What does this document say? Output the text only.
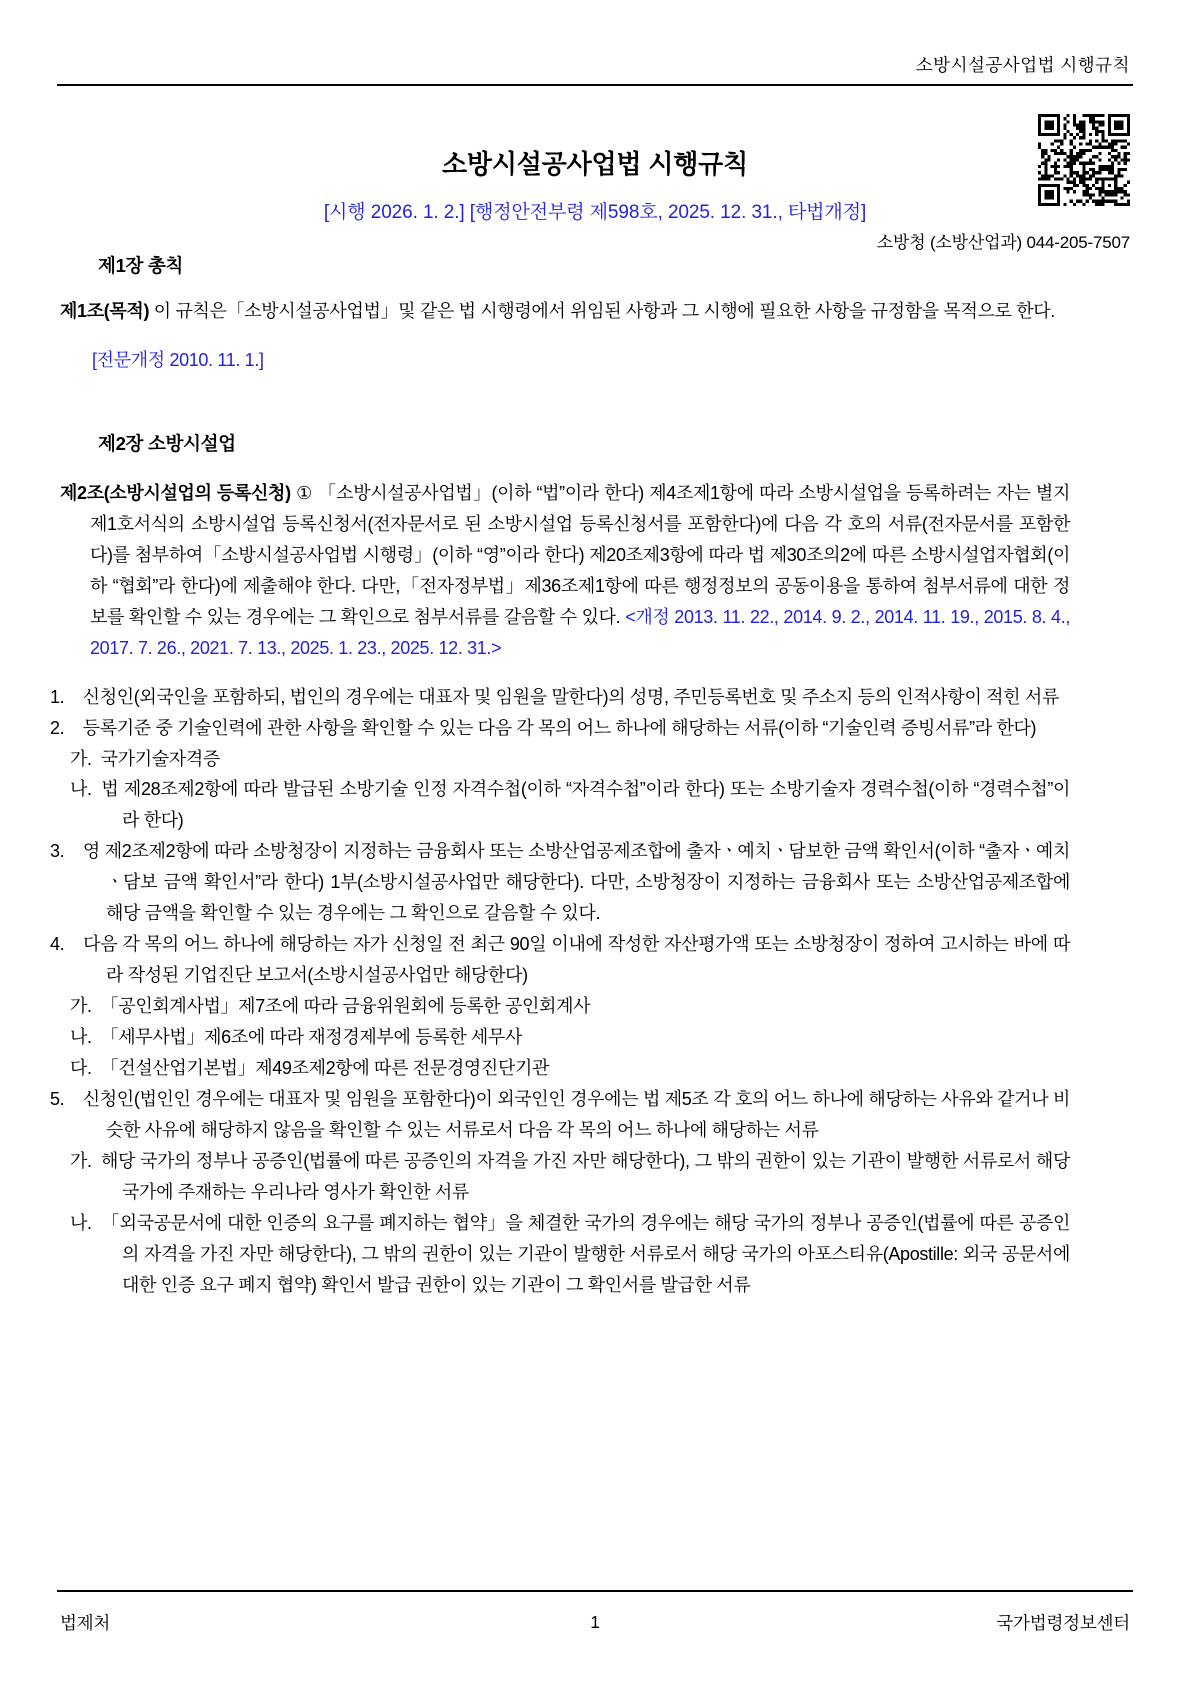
소방시설공사업법 시행규칙
소방시설공사업법 시행규칙
[시행 2026. 1. 2.] [행정안전부령 제598호, 2025. 12. 31., 타법개정]
소방청 (소방산업과) 044-205-7507
제1장 총칙

제1조(목적) 이 규칙은「소방시설공사업법」및 같은 법 시행령에서 위임된 사항과 그 시행에 필요한 사항을 규정함을 목적으로 한다.

[전문개정 2010. 11. 1.]
제2장 소방시설업

제2조(소방시설업의 등록신청) ① 「소방시설공사업법」(이하 “법”이라 한다) 제4조제1항에 따라 소방시설업을 등록하려는 자는 별지 제1호서식의 소방시설업 등록신청서(전자문서로 된 소방시설업 등록신청서를 포함한다)에 다음 각 호의 서류(전자문서를 포함한다)를 첨부하여「소방시설공사업법 시행령」(이하 “영”이라 한다) 제20조제3항에 따라 법 제30조의2에 따른 소방시설업자협회(이하 “협회”라 한다)에 제출해야 한다. 다만,「전자정부법」제36조제1항에 따른 행정정보의 공동이용을 통하여 첨부서류에 대한 정보를 확인할 수 있는 경우에는 그 확인으로 첨부서류를 갈음할 수 있다. <개정 2013. 11. 22., 2014. 9. 2., 2014. 11. 19., 2015. 8. 4., 2017. 7. 26., 2021. 7. 13., 2025. 1. 23., 2025. 12. 31.>

1. 신청인(외국인을 포함하되, 법인의 경우에는 대표자 및 임원을 말한다)의 성명, 주민등록번호 및 주소지 등의 인적사항이 적힌 서류
2. 등록기준 중 기술인력에 관한 사항을 확인할 수 있는 다음 각 목의 어느 하나에 해당하는 서류(이하 “기술인력 증빙서류”라 한다)
가. 국가기술자격증
나. 법 제28조제2항에 따라 발급된 소방기술 인정 자격수첩(이하 “자격수첩”이라 한다) 또는 소방기술자 경력수첩(이하 “경력수첩”이라 한다)
3. 영 제2조제2항에 따라 소방청장이 지정하는 금융회사 또는 소방산업공제조합에 출자ㆍ예치ㆍ담보한 금액 확인서(이하 “출자ㆍ예치ㆍ담보 금액 확인서”라 한다) 1부(소방시설공사업만 해당한다). 다만, 소방청장이 지정하는 금융회사 또는 소방산업공제조합에 해당 금액을 확인할 수 있는 경우에는 그 확인으로 갈음할 수 있다.
4. 다음 각 목의 어느 하나에 해당하는 자가 신청일 전 최근 90일 이내에 작성한 자산평가액 또는 소방청장이 정하여 고시하는 바에 따라 작성된 기업진단 보고서(소방시설공사업만 해당한다)
가. 「공인회계사법」제7조에 따라 금융위원회에 등록한 공인회계사
나. 「세무사법」제6조에 따라 재정경제부에 등록한 세무사
다. 「건설산업기본법」제49조제2항에 따른 전문경영진단기관
5. 신청인(법인인 경우에는 대표자 및 임원을 포함한다)이 외국인인 경우에는 법 제5조 각 호의 어느 하나에 해당하는 사유와 같거나 비슷한 사유에 해당하지 않음을 확인할 수 있는 서류로서 다음 각 목의 어느 하나에 해당하는 서류
가. 해당 국가의 정부나 공증인(법률에 따른 공증인의 자격을 가진 자만 해당한다), 그 밖의 권한이 있는 기관이 발행한 서류로서 해당 국가에 주재하는 우리나라 영사가 확인한 서류
나. 「외국공문서에 대한 인증의 요구를 폐지하는 협약」을 체결한 국가의 경우에는 해당 국가의 정부나 공증인(법률에 따른 공증인의 자격을 가진 자만 해당한다), 그 밖의 권한이 있는 기관이 발행한 서류로서 해당 국가의 아포스티유(Apostille: 외국 공문서에 대한 인증 요구 폐지 협약) 확인서 발급 권한이 있는 기관이 그 확인서를 발급한 서류
법제처	1	국가법령정보센터
